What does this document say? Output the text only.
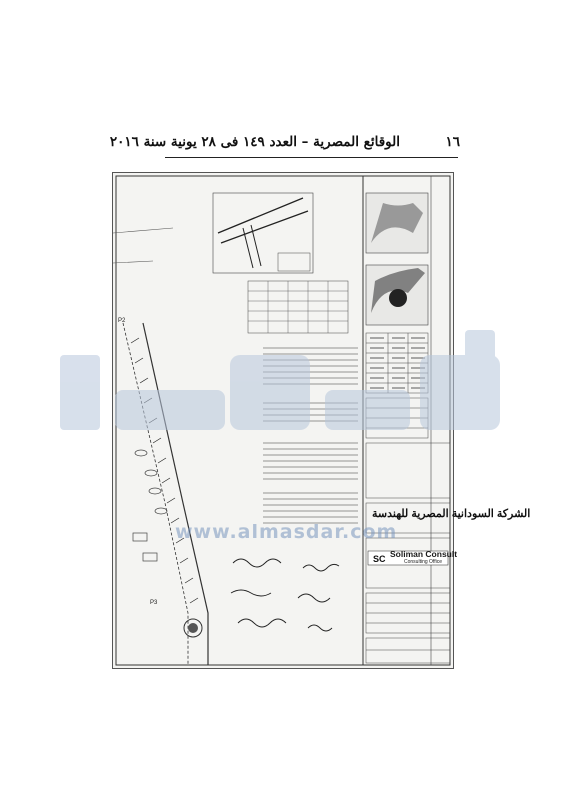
الوقائع المصرية – العدد ١٤٩ فى ٢٨ يونية سنة ٢٠١٦	١٦
SC
www.almasdar.com
الشركة السودانية المصرية للهندسة
Soliman Consult
Consulting Office
P2
P3
